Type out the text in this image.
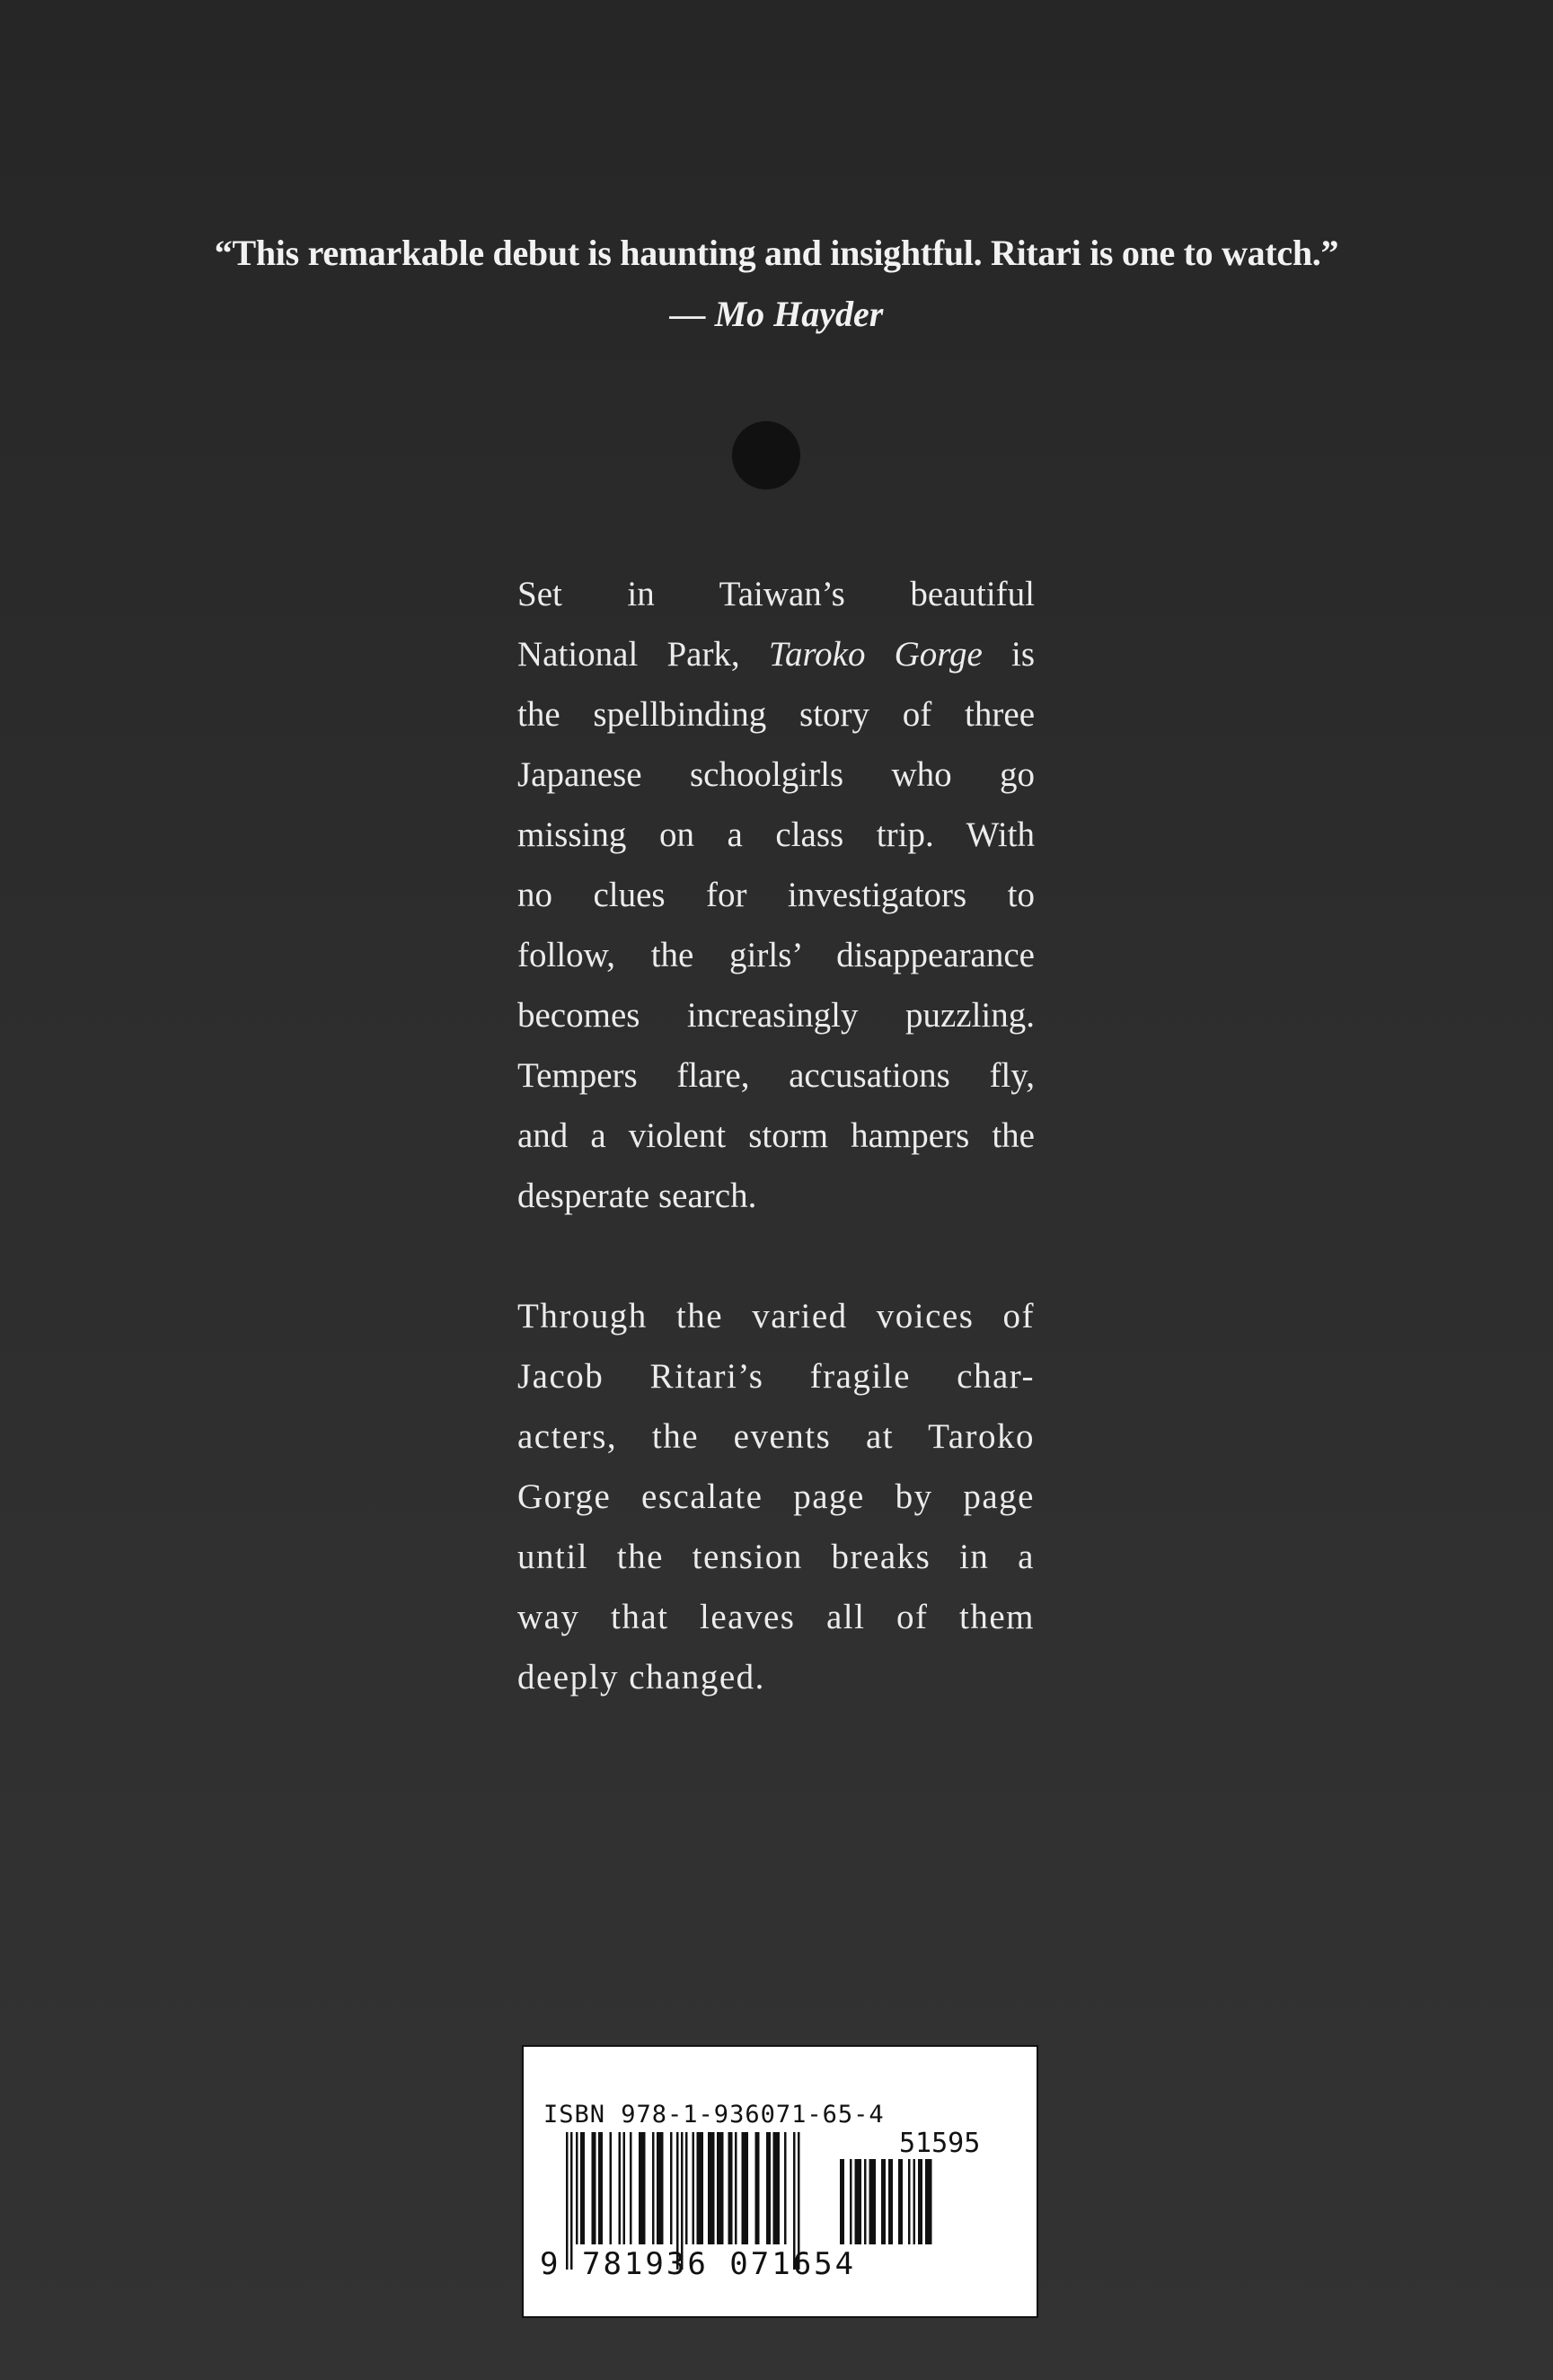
“This remarkable debut is haunting and insightful. Ritari is one to watch.”
— Mo Hayder
Set in Taiwan’s beautiful
National Park, Taroko Gorge is
the spellbinding story of three
Japanese schoolgirls who go
missing on a class trip. With
no clues for investigators to
follow, the girls’ disappearance
becomes increasingly puzzling.
Tempers flare, accusations fly,
and a violent storm hampers the
desperate search.
Through the varied voices of
Jacob Ritari’s fragile char-
acters, the events at Taroko
Gorge escalate page by page
until the tension breaks in a
way that leaves all of them
deeply changed.
ISBN 978-1-936071-65-4
51595
9 781936 071654
